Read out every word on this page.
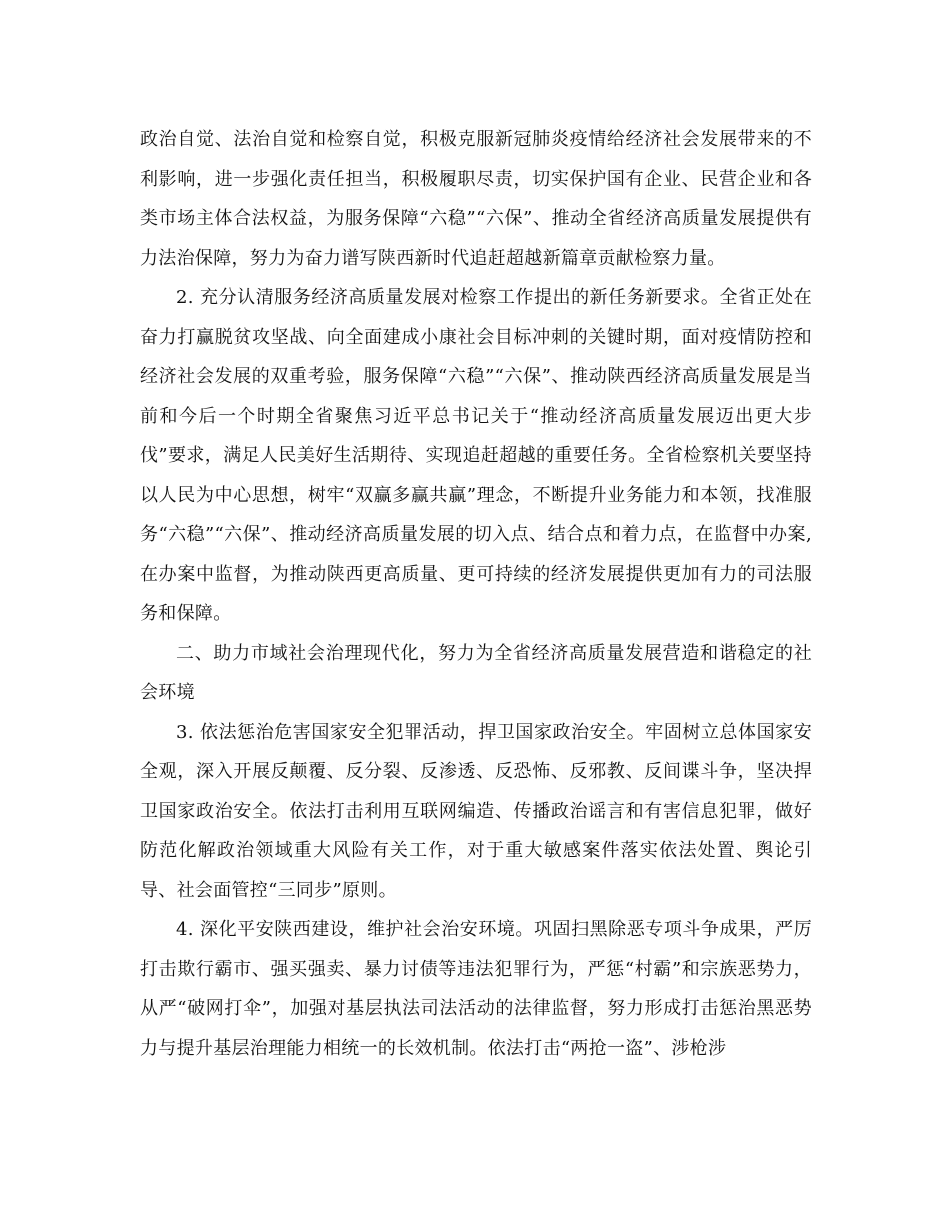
政治自觉、法治自觉和检察自觉，积极克服新冠肺炎疫情给经济社会发展带来的不利影响，进一步强化责任担当，积极履职尽责，切实保护国有企业、民营企业和各类市场主体合法权益，为服务保障“六稳”“六保”、推动全省经济高质量发展提供有力法治保障，努力为奋力谱写陕西新时代追赶超越新篇章贡献检察力量。

2. 充分认清服务经济高质量发展对检察工作提出的新任务新要求。全省正处在奋力打赢脱贫攻坚战、向全面建成小康社会目标冲刺的关键时期，面对疫情防控和经济社会发展的双重考验，服务保障“六稳”“六保”、推动陕西经济高质量发展是当前和今后一个时期全省聚焦习近平总书记关于“推动经济高质量发展迈出更大步伐”要求，满足人民美好生活期待、实现追赶超越的重要任务。全省检察机关要坚持以人民为中心思想，树牢“双赢多赢共赢”理念，不断提升业务能力和本领，找准服务“六稳”“六保”、推动经济高质量发展的切入点、结合点和着力点，在监督中办案,在办案中监督，为推动陕西更高质量、更可持续的经济发展提供更加有力的司法服务和保障。

二、助力市域社会治理现代化，努力为全省经济高质量发展营造和谐稳定的社会环境

3. 依法惩治危害国家安全犯罪活动，捍卫国家政治安全。牢固树立总体国家安全观，深入开展反颠覆、反分裂、反渗透、反恐怖、反邪教、反间谍斗争，坚决捍卫国家政治安全。依法打击利用互联网编造、传播政治谣言和有害信息犯罪，做好防范化解政治领域重大风险有关工作，对于重大敏感案件落实依法处置、舆论引导、社会面管控“三同步”原则。

4. 深化平安陕西建设，维护社会治安环境。巩固扫黑除恶专项斗争成果，严厉打击欺行霸市、强买强卖、暴力讨债等违法犯罪行为，严惩“村霸”和宗族恶势力，从严“破网打伞”，加强对基层执法司法活动的法律监督，努力形成打击惩治黑恶势力与提升基层治理能力相统一的长效机制。依法打击“两抢一盗”、涉枪涉
